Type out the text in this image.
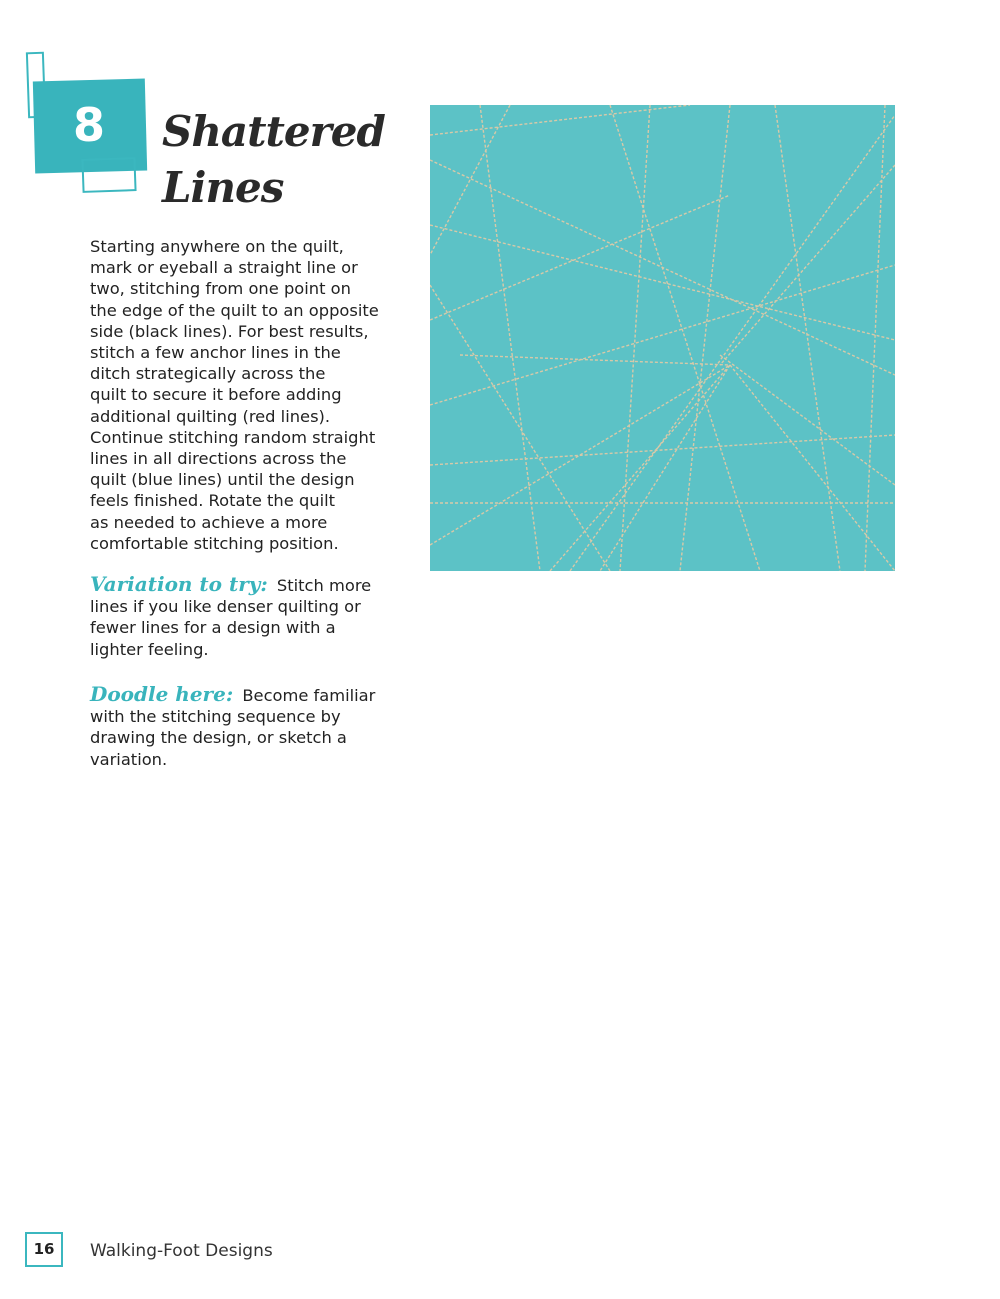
8 Shattered
Lines
Starting anywhere on the quilt,
mark or eyeball a straight line or
two, stitching from one point on
the edge of the quilt to an opposite
side (black lines). For best results,
stitch a few anchor lines in the
ditch strategically across the
quilt to secure it before adding
additional quilting (red lines).
Continue stitching random straight
lines in all directions across the
quilt (blue lines) until the design
feels finished. Rotate the quilt
as needed to achieve a more
comfortable stitching position.

Variation to try: Stitch more lines if you like denser quilting or fewer lines for a design with a lighter feeling.

Doodle here: Become familiar with the stitching sequence by drawing the design, or sketch a variation.

16	Walking-Foot Designs
